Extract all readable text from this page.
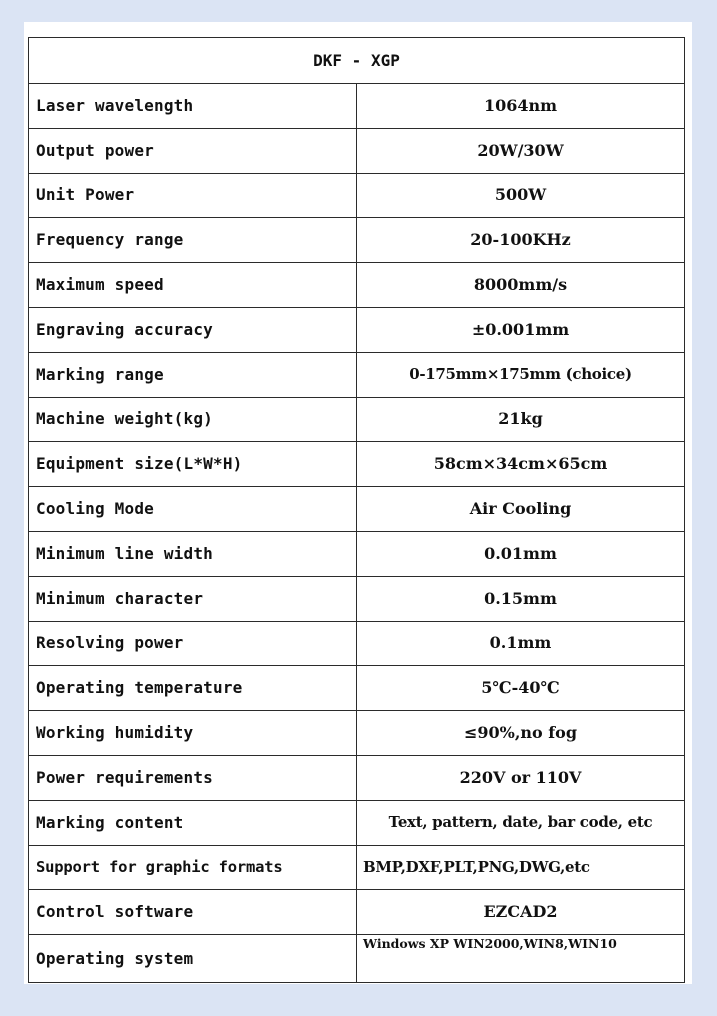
DKF - XGP	
Laser wavelength	1064nm
Output power	20W/30W
Unit Power	500W
Frequency range	20-100KHz
Maximum speed	8000mm/s
Engraving accuracy	±0.001mm
Marking range	0-175mm×175mm (choice)
Machine weight(kg)	21kg
Equipment size(L*W*H)	58cm×34cm×65cm
Cooling Mode	Air Cooling
Minimum line width	0.01mm
Minimum character	0.15mm
Resolving power	0.1mm
Operating temperature	5℃-40℃
Working humidity	≤90%,no fog
Power requirements	220V or 110V
Marking content	Text, pattern, date, bar code, etc
Support for graphic formats	BMP,DXF,PLT,PNG,DWG,etc
Control software	EZCAD2
Operating system	Windows XP WIN2000,WIN8,WIN10
